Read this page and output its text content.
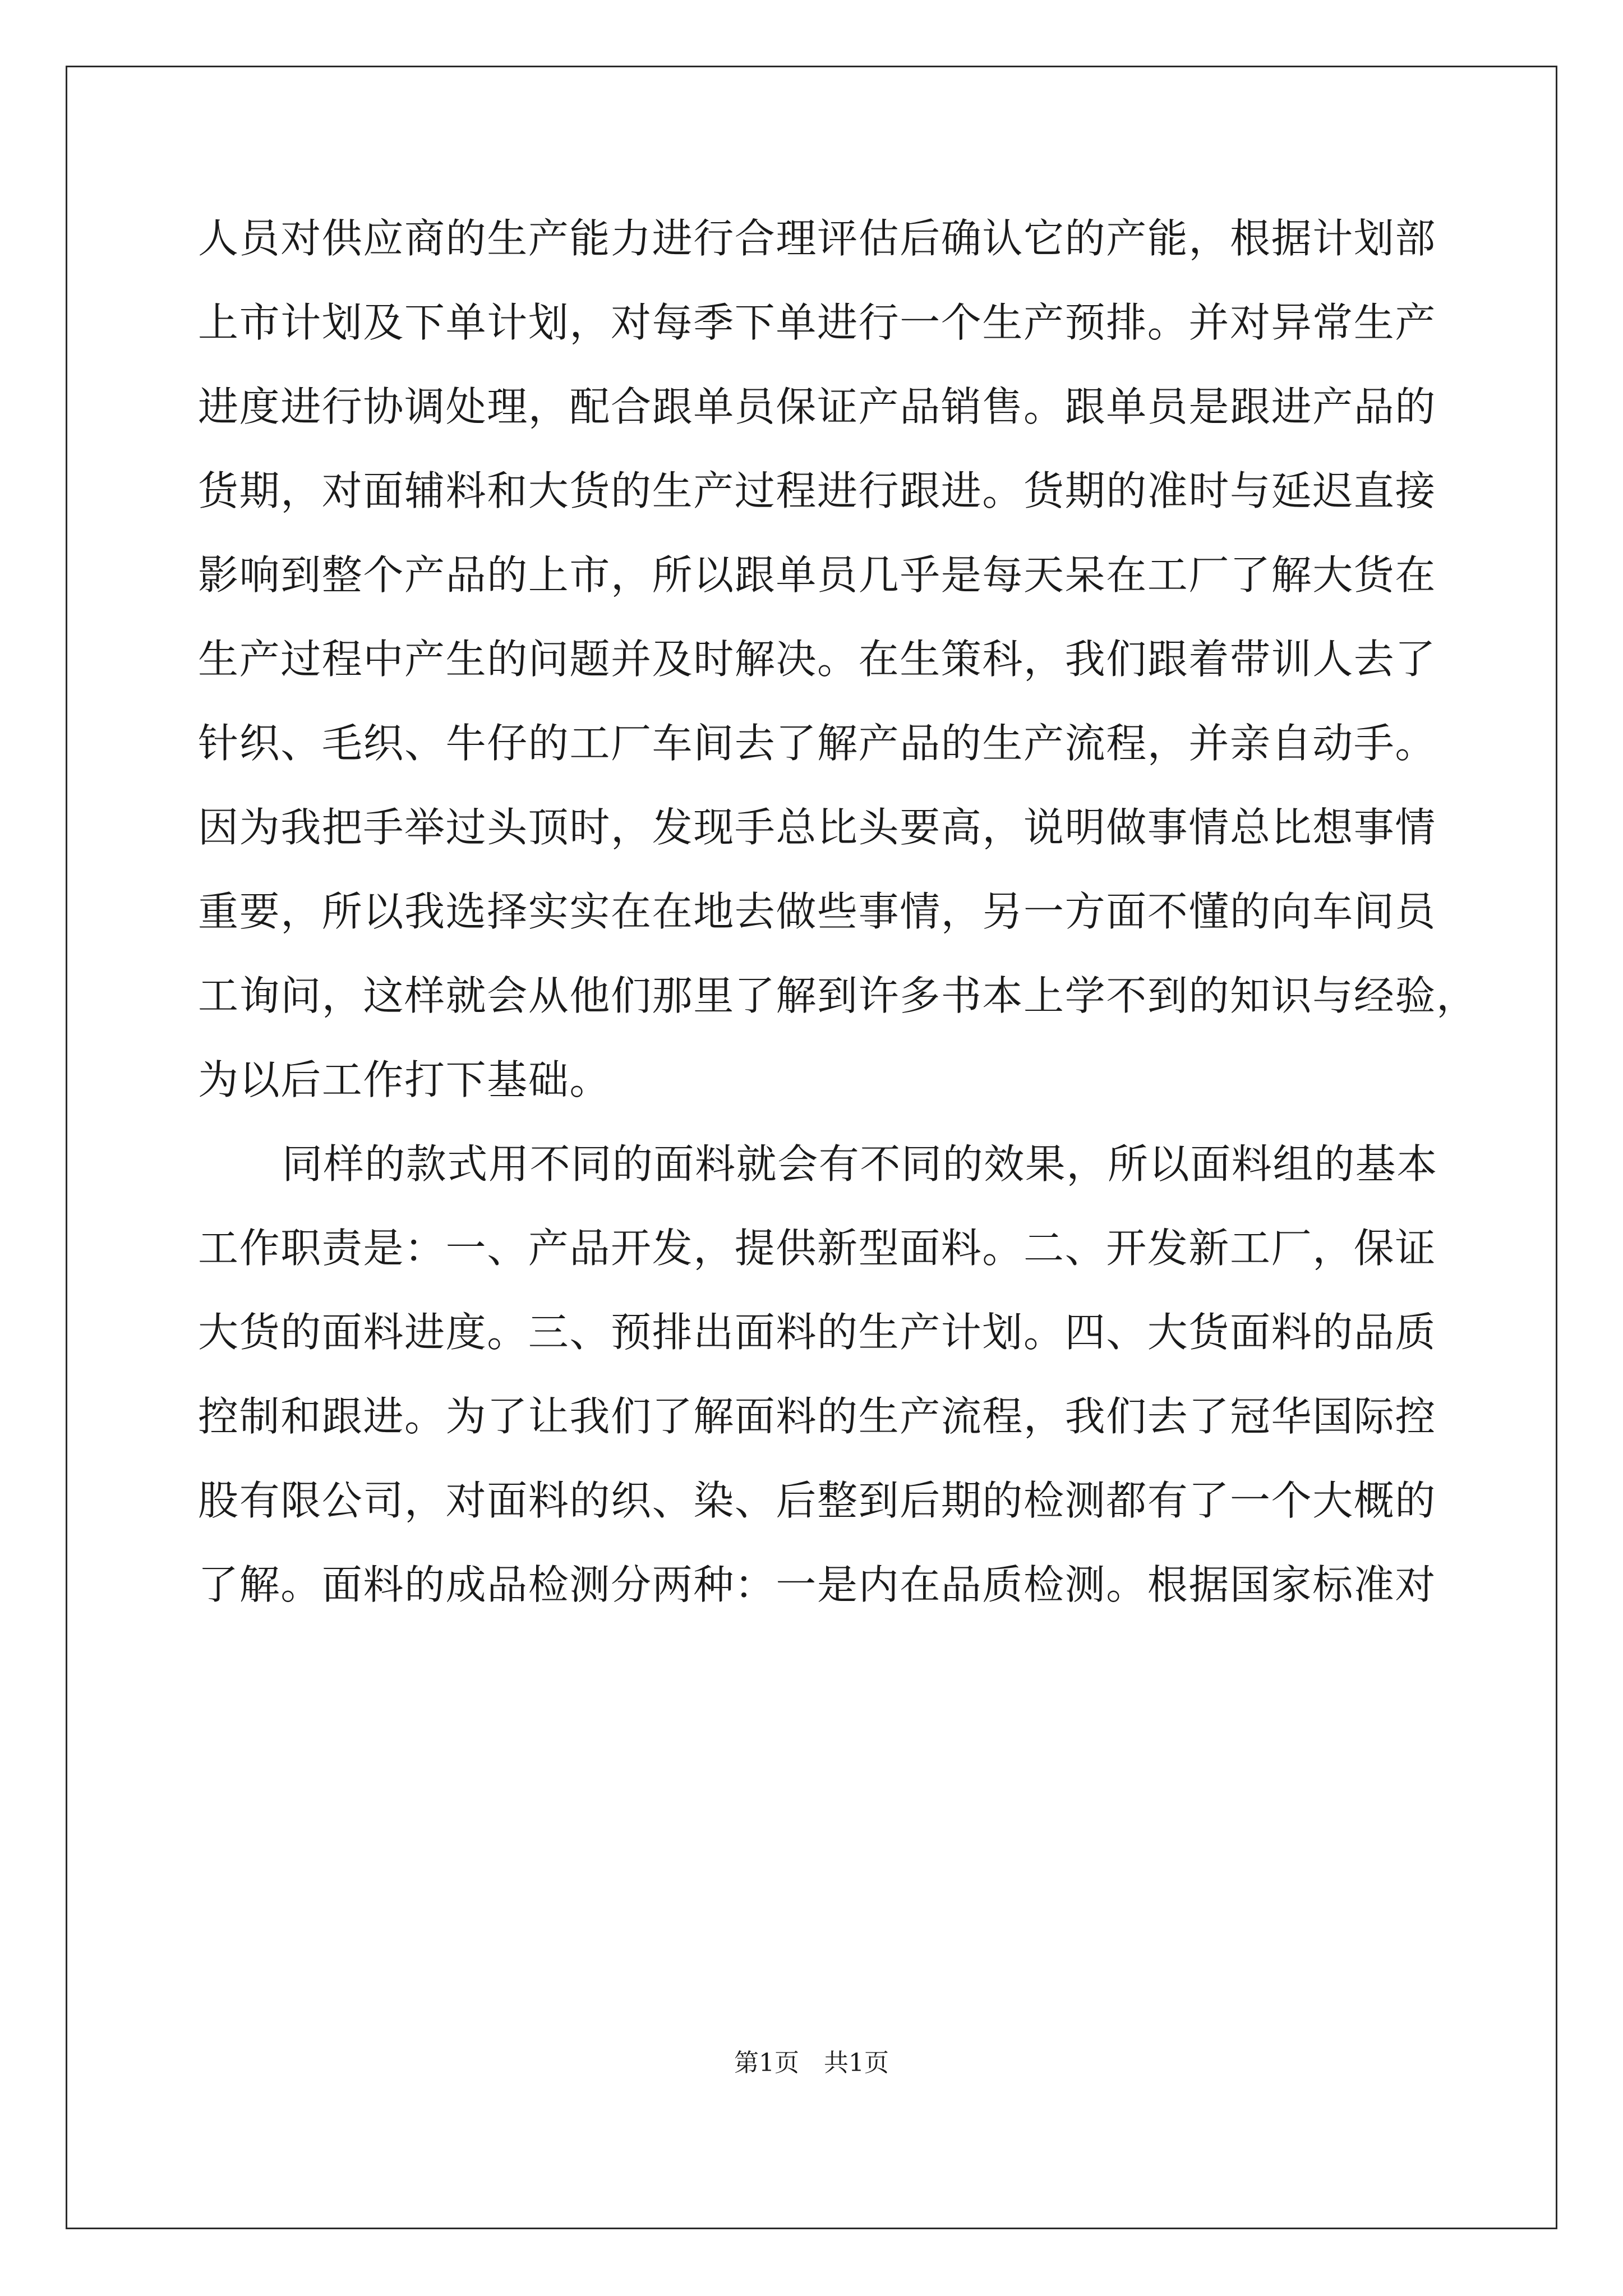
人员对供应商的生产能力进行合理评估后确认它的产能，根据计划部
上市计划及下单计划，对每季下单进行一个生产预排。并对异常生产
进度进行协调处理，配合跟单员保证产品销售。跟单员是跟进产品的
货期，对面辅料和大货的生产过程进行跟进。货期的准时与延迟直接
影响到整个产品的上市，所以跟单员几乎是每天呆在工厂了解大货在
生产过程中产生的问题并及时解决。在生策科，我们跟着带训人去了
针织、毛织、牛仔的工厂车间去了解产品的生产流程，并亲自动手。
因为我把手举过头顶时，发现手总比头要高，说明做事情总比想事情
重要，所以我选择实实在在地去做些事情，另一方面不懂的向车间员
工询问，这样就会从他们那里了解到许多书本上学不到的知识与经验，
为以后工作打下基础。
同样的款式用不同的面料就会有不同的效果，所以面料组的基本
工作职责是：一、产品开发，提供新型面料。二、开发新工厂，保证
大货的面料进度。三、预排出面料的生产计划。四、大货面料的品质
控制和跟进。为了让我们了解面料的生产流程，我们去了冠华国际控
股有限公司，对面料的织、染、后整到后期的检测都有了一个大概的
了解。面料的成品检测分两种：一是内在品质检测。根据国家标准对
第1页　共1页
